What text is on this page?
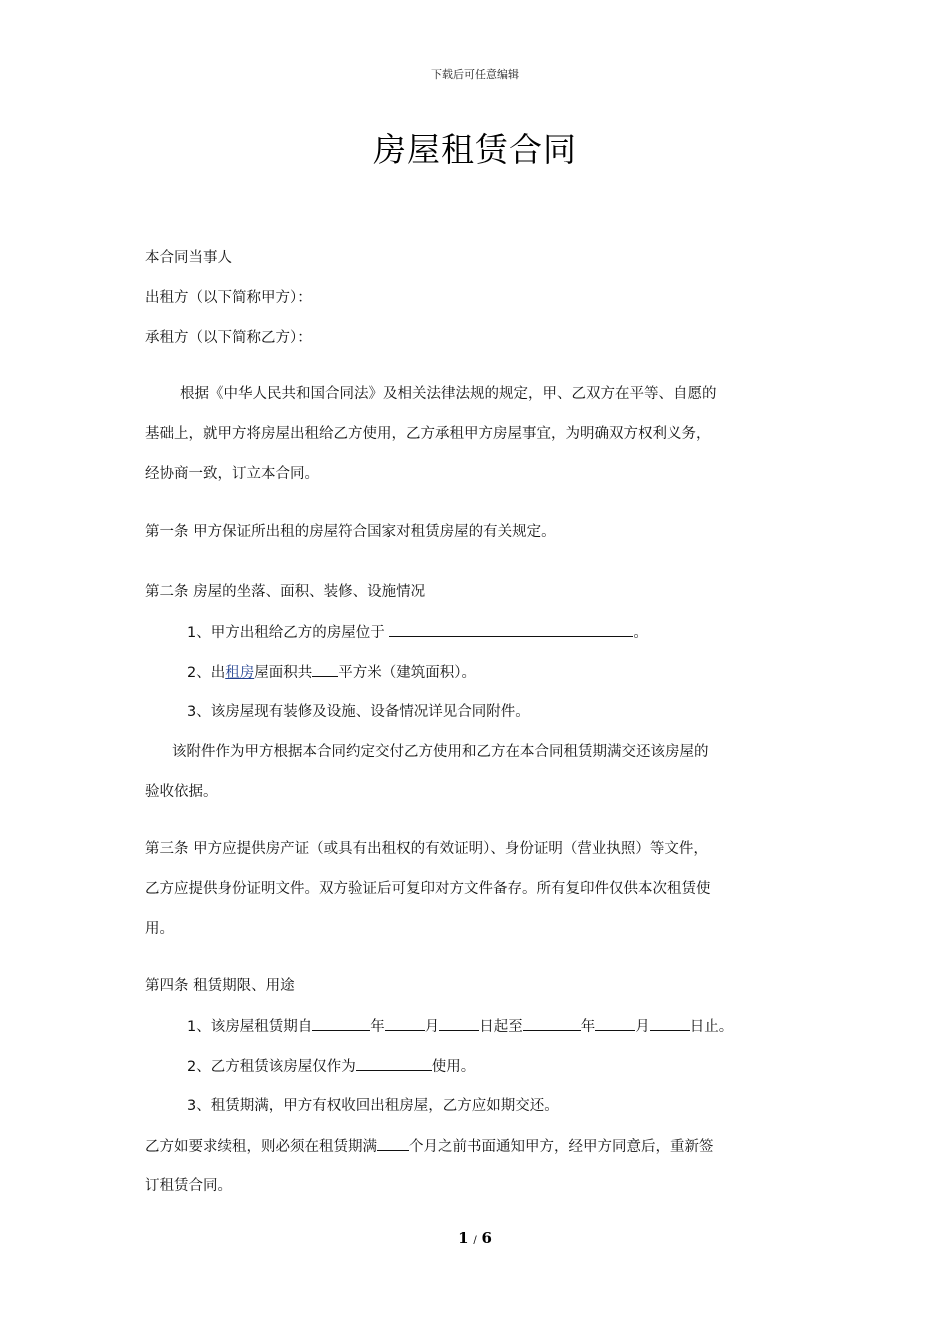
下载后可任意编辑
房屋租赁合同
本合同当事人
出租方（以下简称甲方）：
承租方（以下简称乙方）：
根据《中华人民共和国合同法》及相关法律法规的规定，甲、乙双方在平等、自愿的
基础上，就甲方将房屋出租给乙方使用，乙方承租甲方房屋事宜，为明确双方权利义务，
经协商一致，订立本合同。
第一条 甲方保证所出租的房屋符合国家对租赁房屋的有关规定。
第二条 房屋的坐落、面积、装修、设施情况
1、甲方出租给乙方的房屋位于	。
2、出租房屋面积共 平方米（建筑面积）。
3、该房屋现有装修及设施、设备情况详见合同附件。
该附件作为甲方根据本合同约定交付乙方使用和乙方在本合同租赁期满交还该房屋的
验收依据。
第三条 甲方应提供房产证（或具有出租权的有效证明）、身份证明（营业执照）等文件，
乙方应提供身份证明文件。双方验证后可复印对方文件备存。所有复印件仅供本次租赁使
用。
第四条 租赁期限、用途
1、该房屋租赁期自	年	月	日起至	年	月	日止。
2、乙方租赁该房屋仅作为	使用。
3、租赁期满，甲方有权收回出租房屋，乙方应如期交还。
乙方如要求续租，则必须在租赁期满 个月之前书面通知甲方，经甲方同意后，重新签
订租赁合同。
1 / 6
